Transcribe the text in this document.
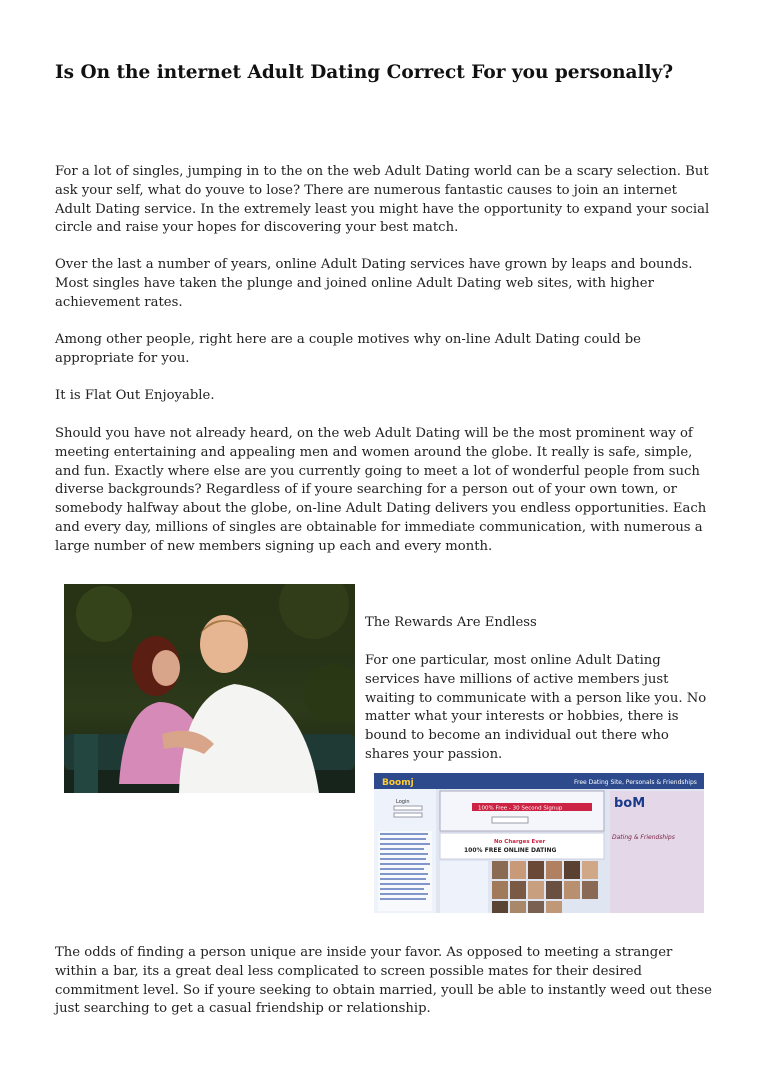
Is On the internet Adult Dating Correct For you personally?

For a lot of singles, jumping in to the on the web Adult Dating world can be a scary selection. But ask your self, what do youve to lose? There are numerous fantastic causes to join an internet Adult Dating service. In the extremely least you might have the opportunity to expand your social circle and raise your hopes for discovering your best match.

Over the last a number of years, online Adult Dating services have grown by leaps and bounds. Most singles have taken the plunge and joined online Adult Dating web sites, with higher achievement rates.

Among other people, right here are a couple motives why on-line Adult Dating could be appropriate for you.

It is Flat Out Enjoyable.

Should you have not already heard, on the web Adult Dating will be the most prominent way of meeting entertaining and appealing men and women around the globe. It really is safe, simple, and fun. Exactly where else are you currently going to meet a lot of wonderful people from such diverse backgrounds? Regardless of if youre searching for a person out of your own town, or somebody halfway about the globe, on-line Adult Dating delivers you endless opportunities. Each and every day, millions of singles are obtainable for immediate communication, with numerous a large number of new members signing up each and every month.

The Rewards Are Endless

For one particular, most online Adult Dating services have millions of active members just waiting to communicate with a person like you. No matter what your interests or hobbies, there is bound to become an individual out there who shares your passion.

Boomj	Free Dating Site, Personals & Friendships
Login
100% Free - 30 Second Signup
No Charges Ever
100% FREE ONLINE DATING
boM
Dating & Friendships

The odds of finding a person unique are inside your favor. As opposed to meeting a stranger within a bar, its a great deal less complicated to screen possible mates for their desired commitment level. So if youre seeking to obtain married, youll be able to instantly weed out these just searching to get a casual friendship or relationship.
